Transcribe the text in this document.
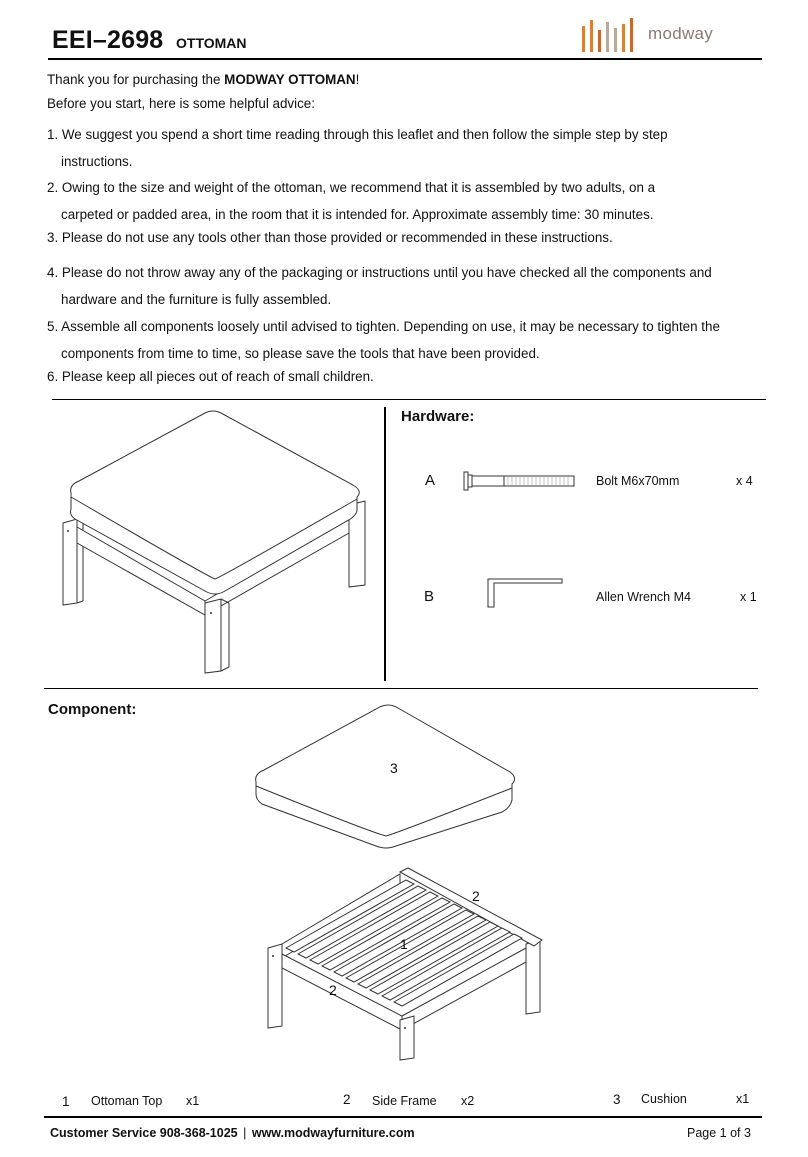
EEI–2698 OTTOMAN	modway
Thank you for purchasing the MODWAY OTTOMAN!
Before you start, here is some helpful advice:
1. We suggest you spend a short time reading through this leaflet and then follow the simple step by step
instructions.
2. Owing to the size and weight of the ottoman, we recommend that it is assembled by two adults, on a
carpeted or padded area, in the room that it is intended for. Approximate assembly time: 30 minutes.
3. Please do not use any tools other than those provided or recommended in these instructions.
4. Please do not throw away any of the packaging or instructions until you have checked all the components and
hardware and the furniture is fully assembled.
5. Assemble all components loosely until advised to tighten. Depending on use, it may be necessary to tighten the
components from time to time, so please save the tools that have been provided.
6. Please keep all pieces out of reach of small children.
Hardware:
A	Bolt M6x70mm	x 4
B	Allen Wrench M4	x 1
Component:
3
2
1
2
1 Ottoman Top x1	2 Side Frame x2	3 Cushion	x1
Customer Service 908-368-1025 | www.modwayfurniture.com	Page 1 of 3
